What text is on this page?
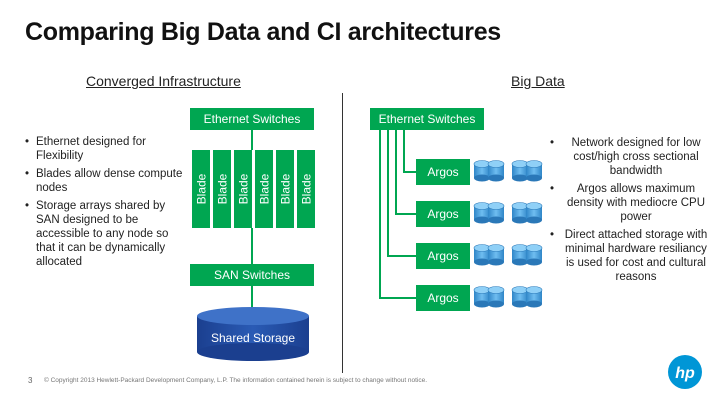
Comparing Big Data and CI architectures
Converged Infrastructure	Big Data
• Ethernet designed for Flexibility
• Blades allow dense compute nodes
• Storage arrays shared by SAN designed to be accessible to any node so that it can be dynamically allocated
Ethernet Switches
Blade Blade Blade Blade Blade Blade
SAN Switches
Shared Storage
Ethernet Switches
Argos
Argos
Argos
Argos
• Network designed for low cost/high cross sectional bandwidth
• Argos allows maximum density with mediocre CPU power
• Direct attached storage with minimal hardware resiliancy is used for cost and cultural reasons
3 © Copyright 2013 Hewlett-Packard Development Company, L.P. The information contained herein is subject to change without notice.	hp
